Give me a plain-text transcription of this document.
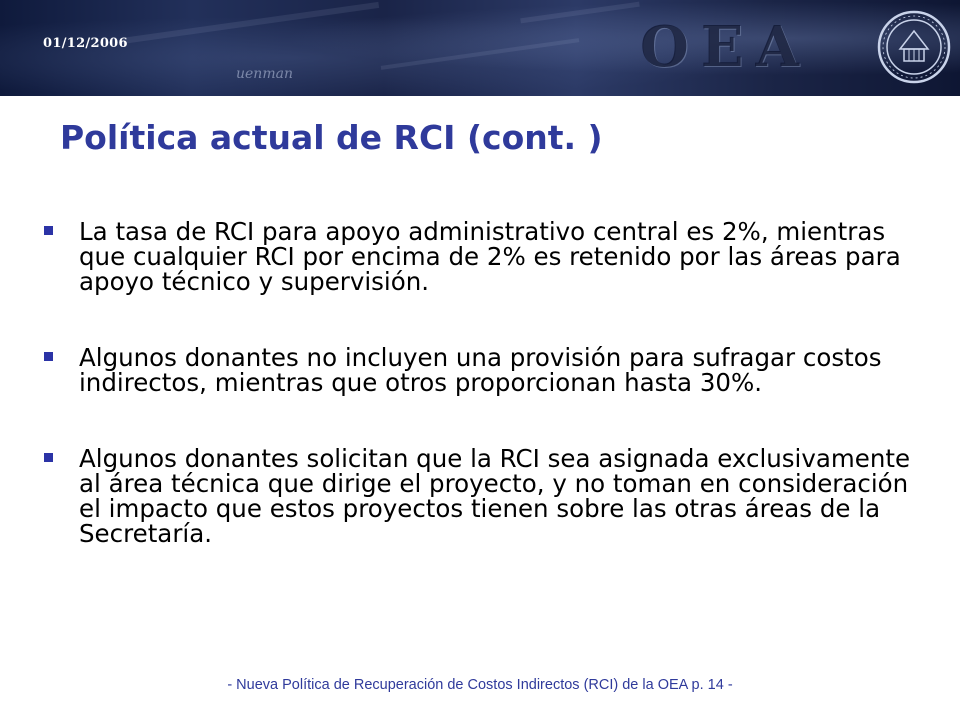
01/12/2006
uenman	OEA
Política actual de RCI (cont. )
La tasa de RCI para apoyo administrativo central es 2%, mientras que cualquier RCI por encima de 2% es retenido por las áreas para apoyo técnico y supervisión.
Algunos donantes no incluyen una provisión para sufragar costos indirectos, mientras que otros proporcionan hasta 30%.
Algunos donantes solicitan que la RCI sea asignada exclusivamente al área técnica que dirige el proyecto, y no toman en consideración el impacto que estos proyectos tienen sobre las otras áreas de la Secretaría.
- Nueva Política de Recuperación de Costos Indirectos (RCI) de la OEA p. 14 -
